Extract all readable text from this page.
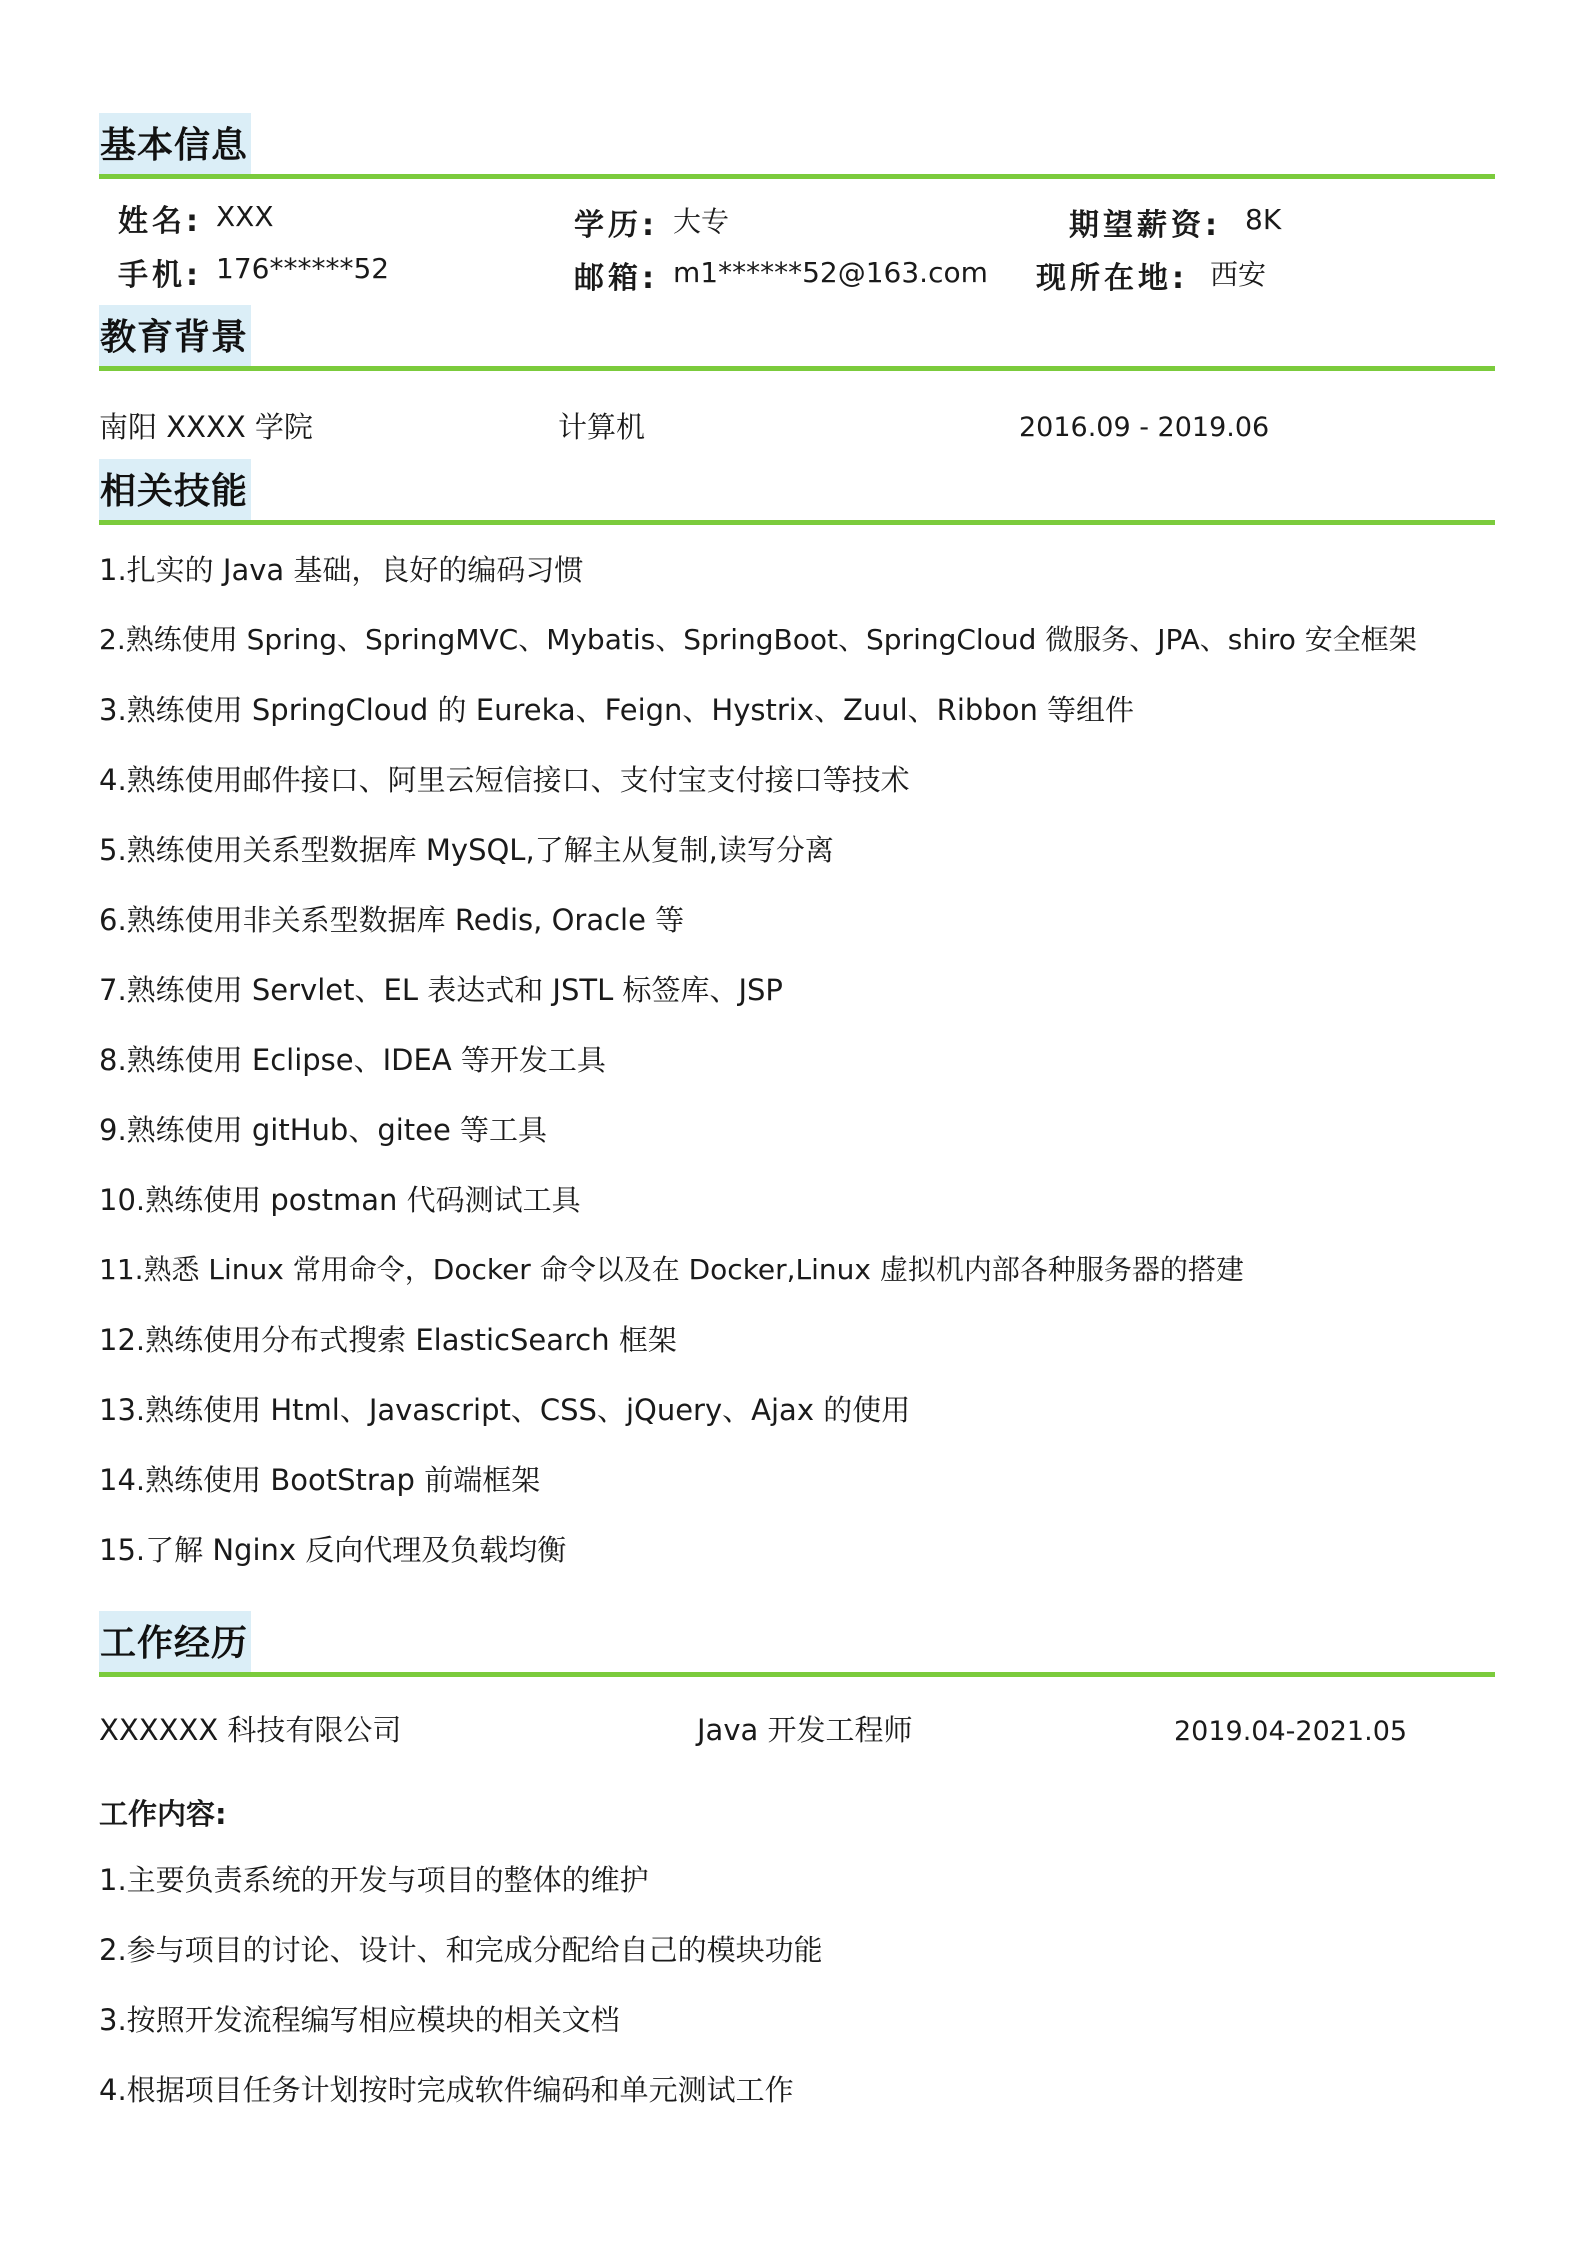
基本信息
姓名: XXX	学历: 大专	期望薪资: 8K
手机: 176******52	邮箱: m1******52@163.com 现所在地: 西安
教育背景
南阳 XXXX 学院	计算机	2016.09 - 2019.06
相关技能
1.扎实的 Java 基础，良好的编码习惯
2.熟练使用 Spring、SpringMVC、Mybatis、SpringBoot、SpringCloud 微服务、JPA、shiro 安全框架
3.熟练使用 SpringCloud 的 Eureka、Feign、Hystrix、Zuul、Ribbon 等组件
4.熟练使用邮件接口、阿里云短信接口、支付宝支付接口等技术
5.熟练使用关系型数据库 MySQL,了解主从复制,读写分离
6.熟练使用非关系型数据库 Redis, Oracle 等
7.熟练使用 Servlet、EL 表达式和 JSTL 标签库、JSP
8.熟练使用 Eclipse、IDEA 等开发工具
9.熟练使用 gitHub、gitee 等工具
10.熟练使用 postman 代码测试工具
11.熟悉 Linux 常用命令，Docker 命令以及在 Docker,Linux 虚拟机内部各种服务器的搭建
12.熟练使用分布式搜索 ElasticSearch 框架
13.熟练使用 Html、Javascript、CSS、jQuery、Ajax 的使用
14.熟练使用 BootStrap 前端框架
15.了解 Nginx 反向代理及负载均衡
工作经历
XXXXXX 科技有限公司	Java 开发工程师	2019.04-2021.05
工作内容:
1.主要负责系统的开发与项目的整体的维护
2.参与项目的讨论、设计、和完成分配给自己的模块功能
3.按照开发流程编写相应模块的相关文档
4.根据项目任务计划按时完成软件编码和单元测试工作
